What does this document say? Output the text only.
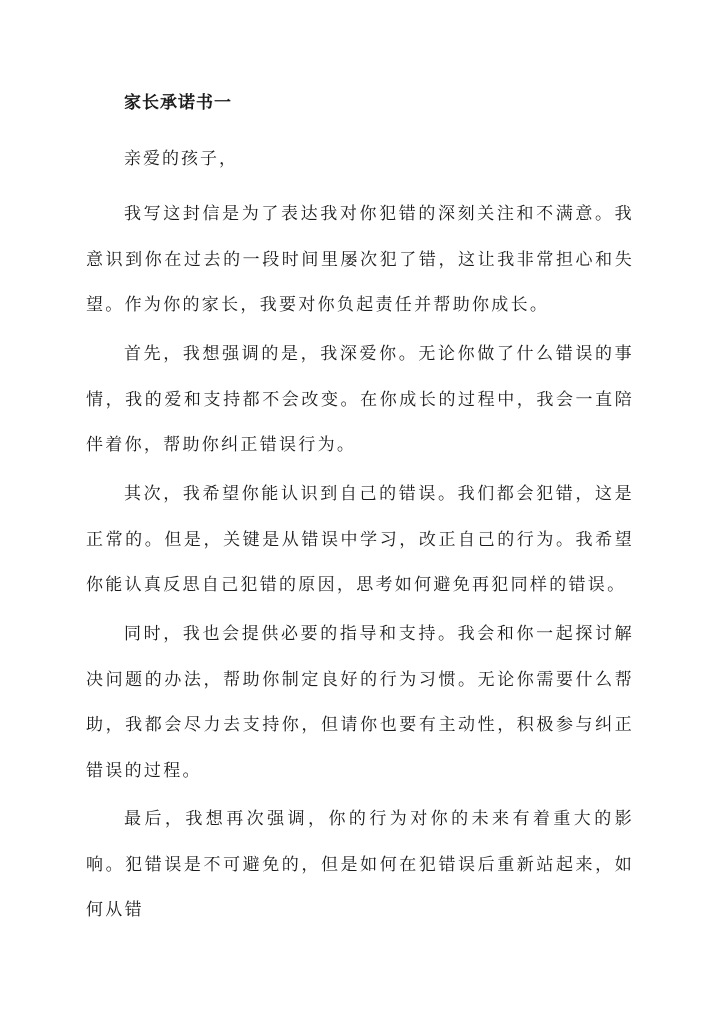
家长承诺书一
亲爱的孩子，

我写这封信是为了表达我对你犯错的深刻关注和不满意。我意识到你在过去的一段时间里屡次犯了错，这让我非常担心和失望。作为你的家长，我要对你负起责任并帮助你成长。

首先，我想强调的是，我深爱你。无论你做了什么错误的事情，我的爱和支持都不会改变。在你成长的过程中，我会一直陪伴着你，帮助你纠正错误行为。

其次，我希望你能认识到自己的错误。我们都会犯错，这是正常的。但是，关键是从错误中学习，改正自己的行为。我希望你能认真反思自己犯错的原因，思考如何避免再犯同样的错误。

同时，我也会提供必要的指导和支持。我会和你一起探讨解决问题的办法，帮助你制定良好的行为习惯。无论你需要什么帮助，我都会尽力去支持你，但请你也要有主动性，积极参与纠正错误的过程。

最后，我想再次强调，你的行为对你的未来有着重大的影响。犯错误是不可避免的，但是如何在犯错误后重新站起来，如何从错
